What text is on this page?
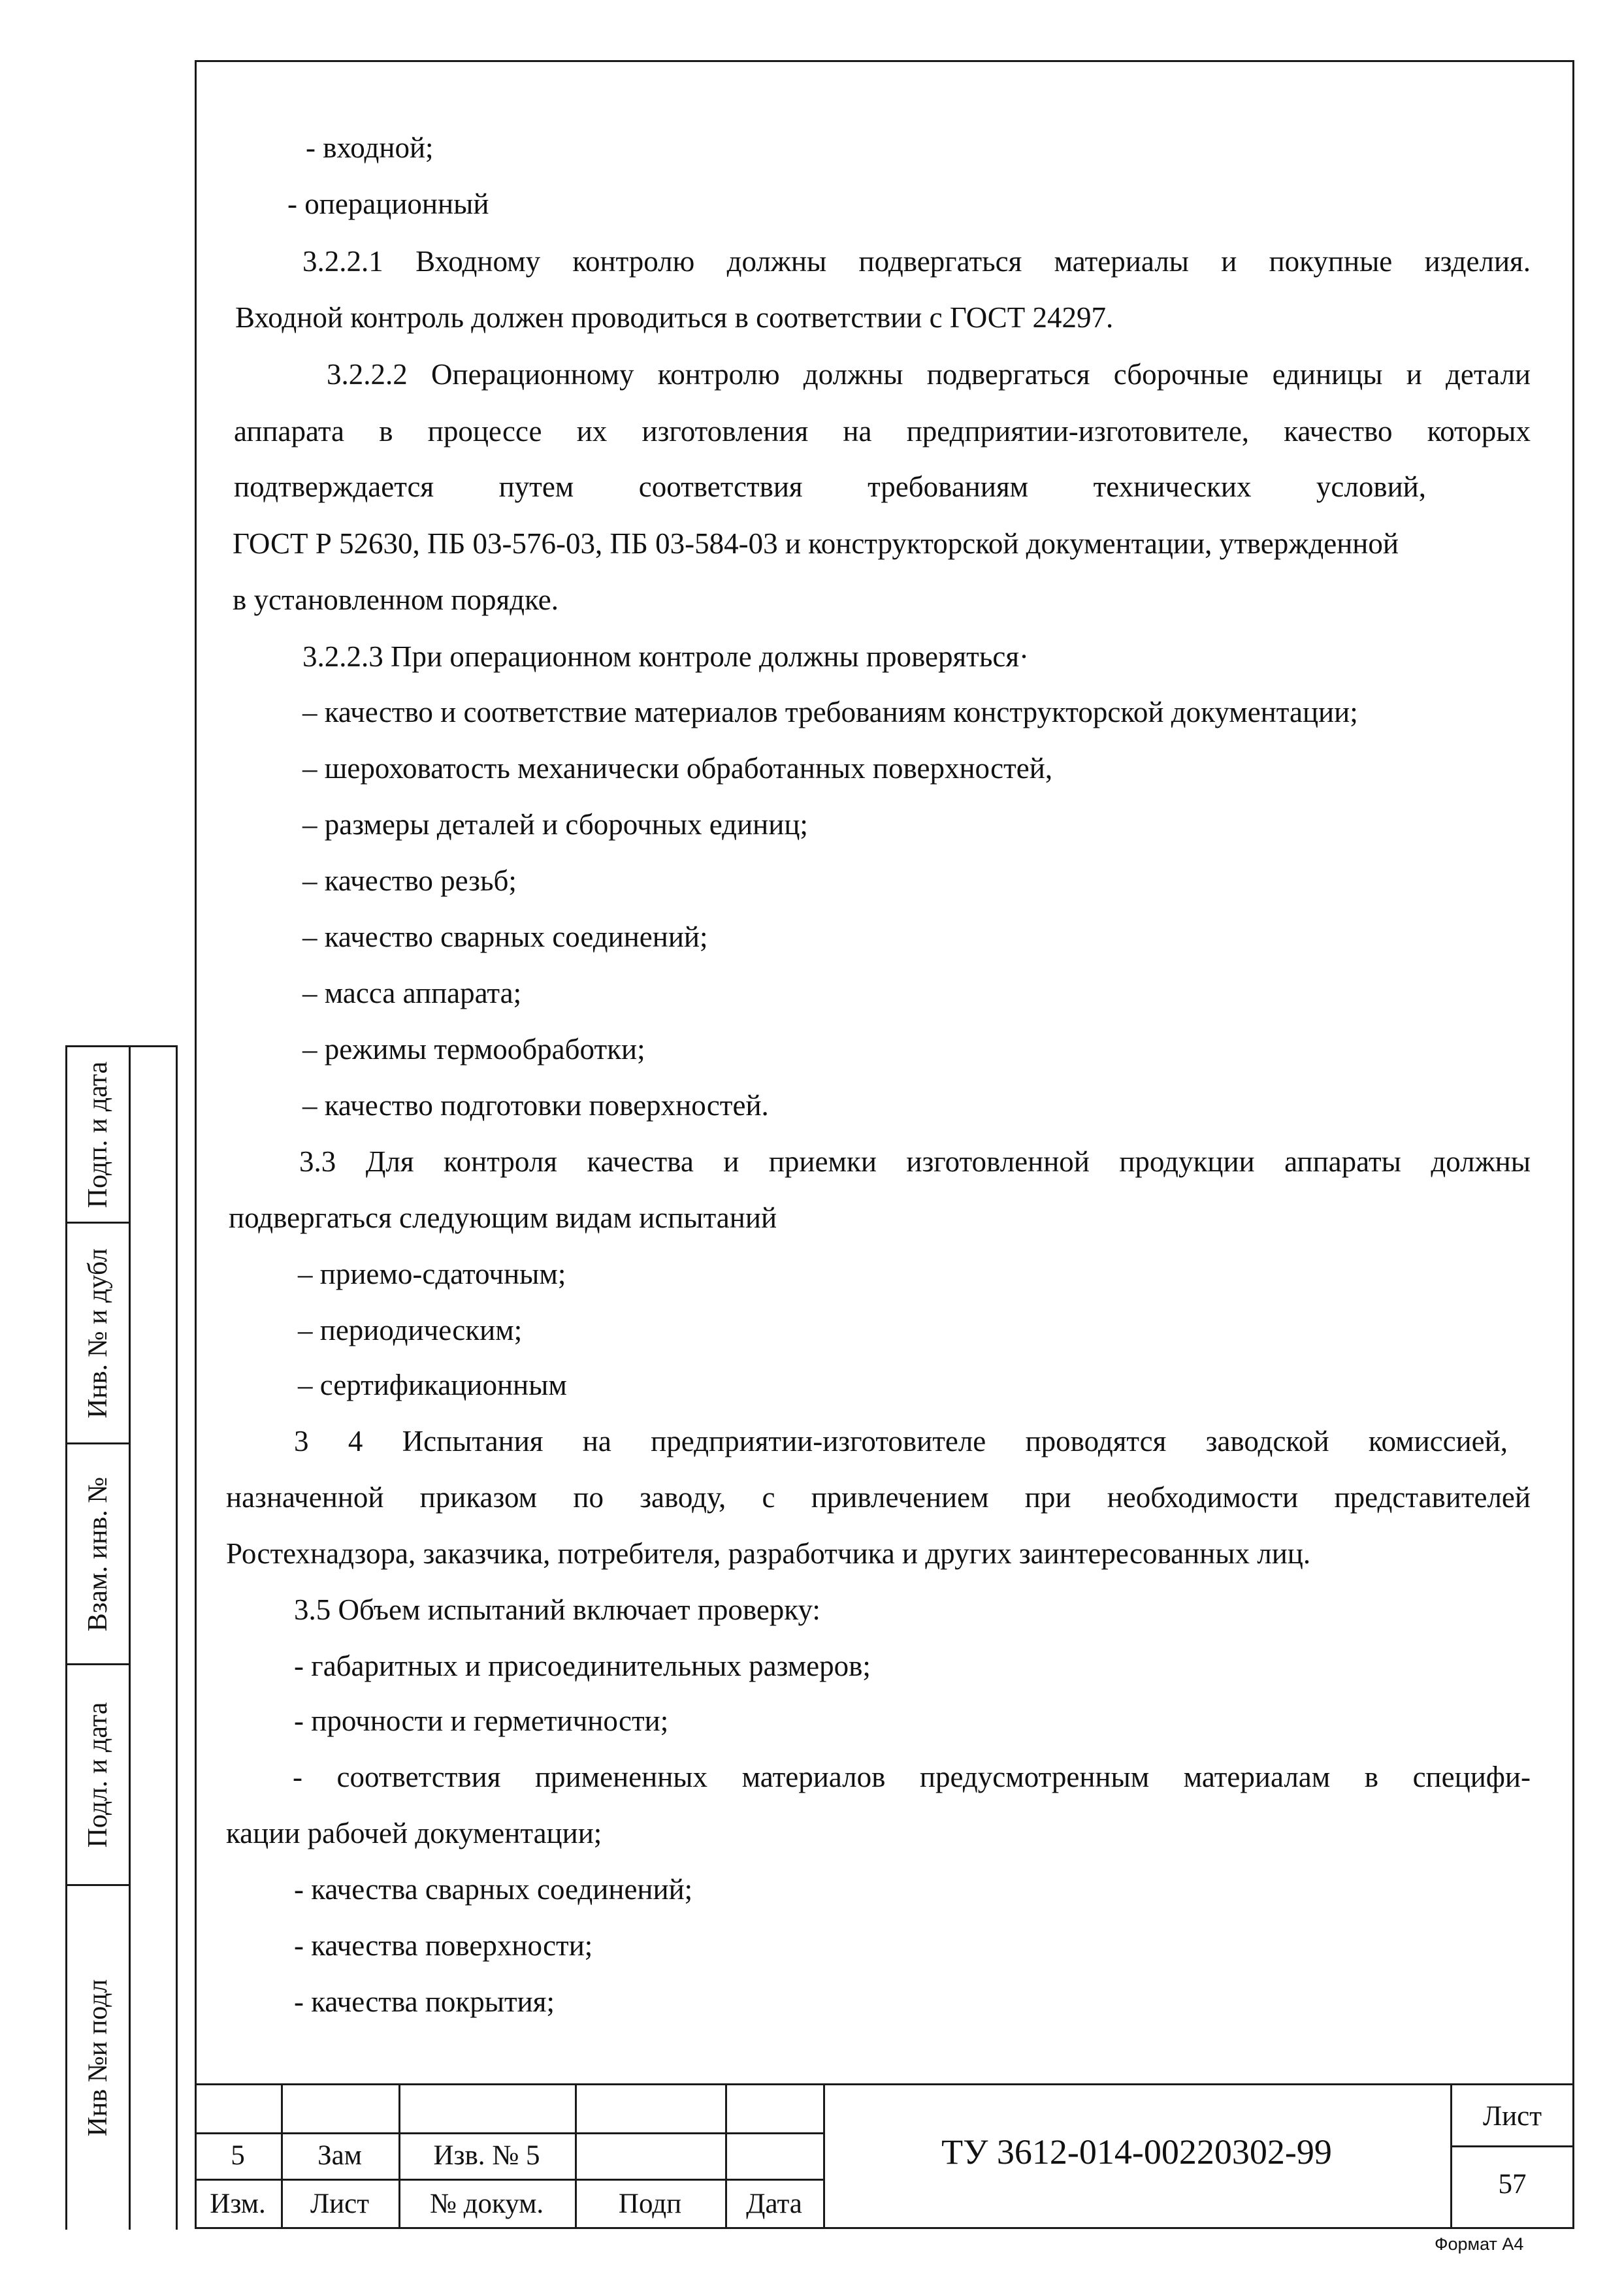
- входной;
- операционный
3.2.2.1 Входному контролю должны подвергаться материалы и покупные изделия.
Входной контроль должен проводиться в соответствии с ГОСТ 24297.
3.2.2.2 Операционному контролю должны подвергаться сборочные единицы и детали
аппарата в процессе их изготовления на предприятии-изготовителе, качество которых
подтверждается путем соответствия требованиям технических условий,
ГОСТ Р 52630, ПБ 03-576-03, ПБ 03-584-03 и конструкторской документации, утвержденной
в установленном порядке.
3.2.2.3 При операционном контроле должны проверяться·
– качество и соответствие материалов требованиям конструкторской документации;
– шероховатость механически обработанных поверхностей,
– размеры деталей и сборочных единиц;
– качество резьб;
– качество сварных соединений;
– масса аппарата;
– режимы термообработки;
– качество подготовки поверхностей.
3.3 Для контроля качества и приемки изготовленной продукции аппараты должны
подвергаться следующим видам испытаний
– приемо-сдаточным;
– периодическим;
– сертификационным
3 4 Испытания на предприятии-изготовителе проводятся заводской комиссией,
назначенной приказом по заводу, с привлечением при необходимости представителей
Ростехнадзора, заказчика, потребителя, разработчика и других заинтересованных лиц.
3.5 Объем испытаний включает проверку:
- габаритных и присоединительных размеров;
- прочности и герметичности;
- соответствия примененных материалов предусмотренным материалам в специфи-
кации рабочей документации;
- качества сварных соединений;
- качества поверхности;
- качества покрытия;
Подп. и дата
Инв. № и дубл
Взам. инв. №
Подл. и дата
Инв №и подл
5	Зам	Изв. № 5
Изм.	Лист	№ докум.	Подп	Дата
ТУ 3612-014-00220302-99
Лист
57
Формат А4
